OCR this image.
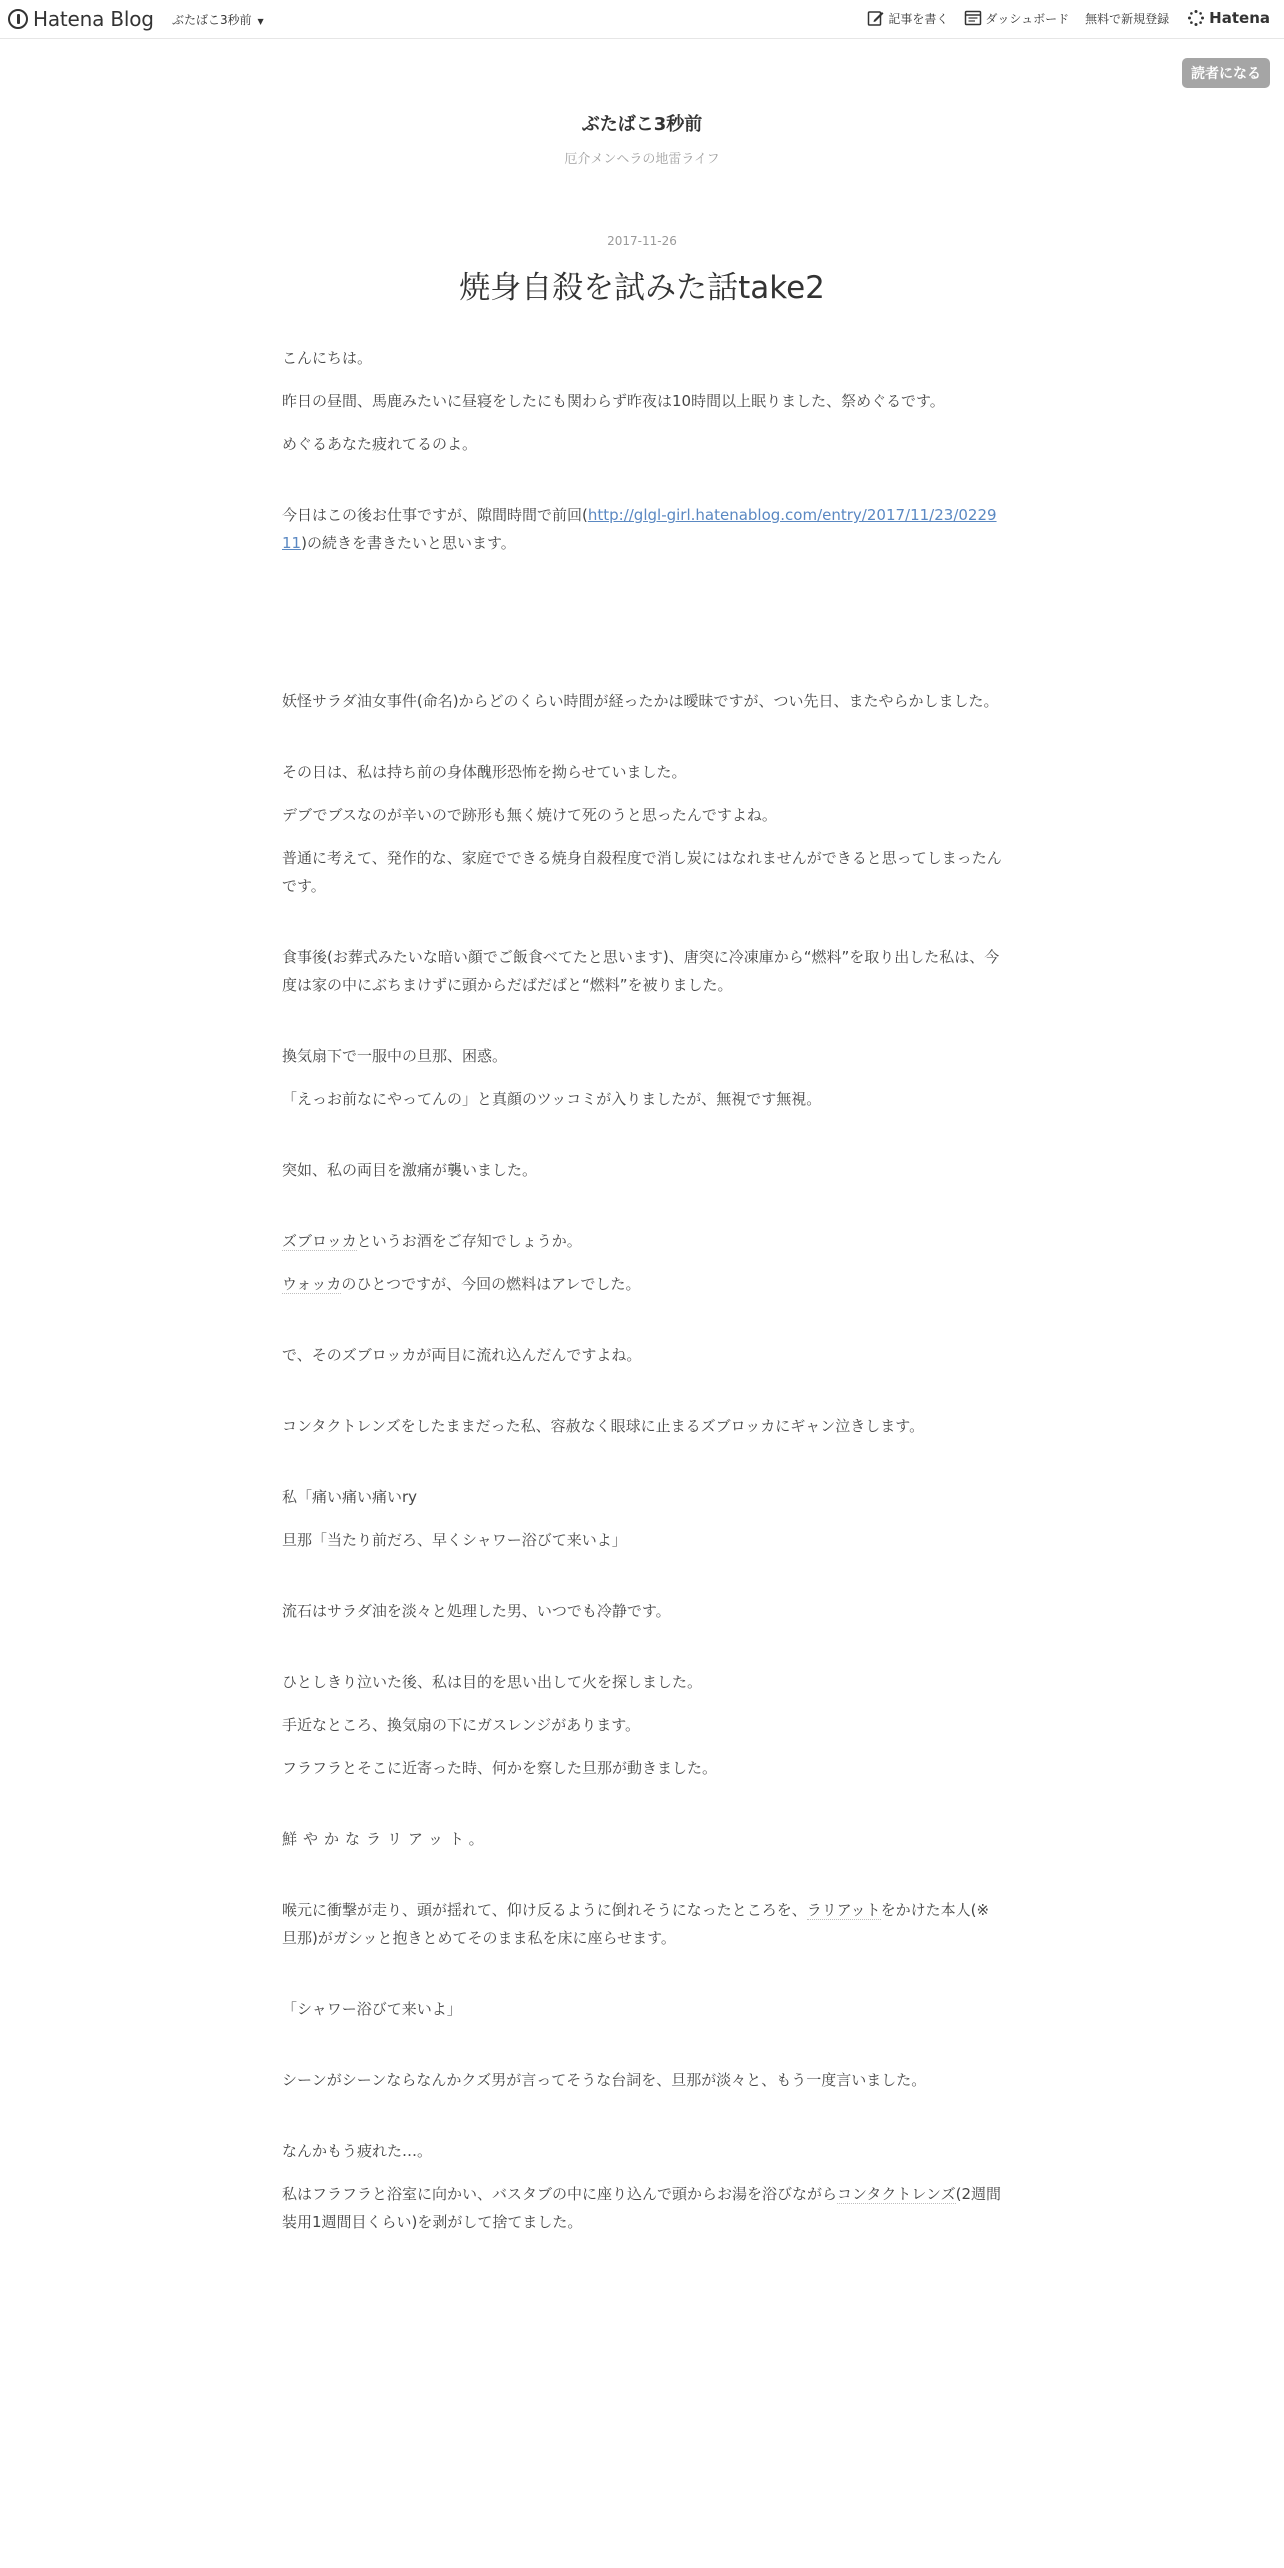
Hatena Blog ぶたばこ3秒前 ▼	記事を書く	ダッシュボード 無料で新規登録	Hatena
読者になる
ぶたばこ3秒前
厄介メンヘラの地雷ライフ
2017-11-26
焼身自殺を試みた話take2

こんにちは。

昨日の昼間、馬鹿みたいに昼寝をしたにも関わらず昨夜は10時間以上眠りました、祭めぐるです。

めぐるあなた疲れてるのよ。

今日はこの後お仕事ですが、隙間時間で前回(http://glgl-girl.hatenablog.com/entry/2017/11/23/022911)の続きを書きたいと思います。

妖怪サラダ油女事件(命名)からどのくらい時間が経ったかは曖昧ですが、つい先日、またやらかしました。

その日は、私は持ち前の身体醜形恐怖を拗らせていました。

デブでブスなのが辛いので跡形も無く焼けて死のうと思ったんですよね。

普通に考えて、発作的な、家庭でできる焼身自殺程度で消し炭にはなれませんができると思ってしまったんです。

食事後(お葬式みたいな暗い顔でご飯食べてたと思います)、唐突に冷凍庫から“燃料”を取り出した私は、今度は家の中にぶちまけずに頭からだばだばと“燃料”を被りました。

換気扇下で一服中の旦那、困惑。

「えっお前なにやってんの」と真顔のツッコミが入りましたが、無視です無視。

突如、私の両目を激痛が襲いました。

ズブロッカというお酒をご存知でしょうか。

ウォッカのひとつですが、今回の燃料はアレでした。

で、そのズブロッカが両目に流れ込んだんですよね。

コンタクトレンズをしたままだった私、容赦なく眼球に止まるズブロッカにギャン泣きします。

私「痛い痛い痛いry

旦那「当たり前だろ、早くシャワー浴びて来いよ」

流石はサラダ油を淡々と処理した男、いつでも冷静です。

ひとしきり泣いた後、私は目的を思い出して火を探しました。

手近なところ、換気扇の下にガスレンジがあります。

フラフラとそこに近寄った時、何かを察した旦那が動きました。

鮮やかなラリアット。

喉元に衝撃が走り、頭が揺れて、仰け反るように倒れそうになったところを、ラリアットをかけた本人(※旦那)がガシッと抱きとめてそのまま私を床に座らせます。

「シャワー浴びて来いよ」

シーンがシーンならなんかクズ男が言ってそうな台詞を、旦那が淡々と、もう一度言いました。

なんかもう疲れた…。

私はフラフラと浴室に向かい、バスタブの中に座り込んで頭からお湯を浴びながらコンタクトレンズ(2週間装用1週間目くらい)を剥がして捨てました。
